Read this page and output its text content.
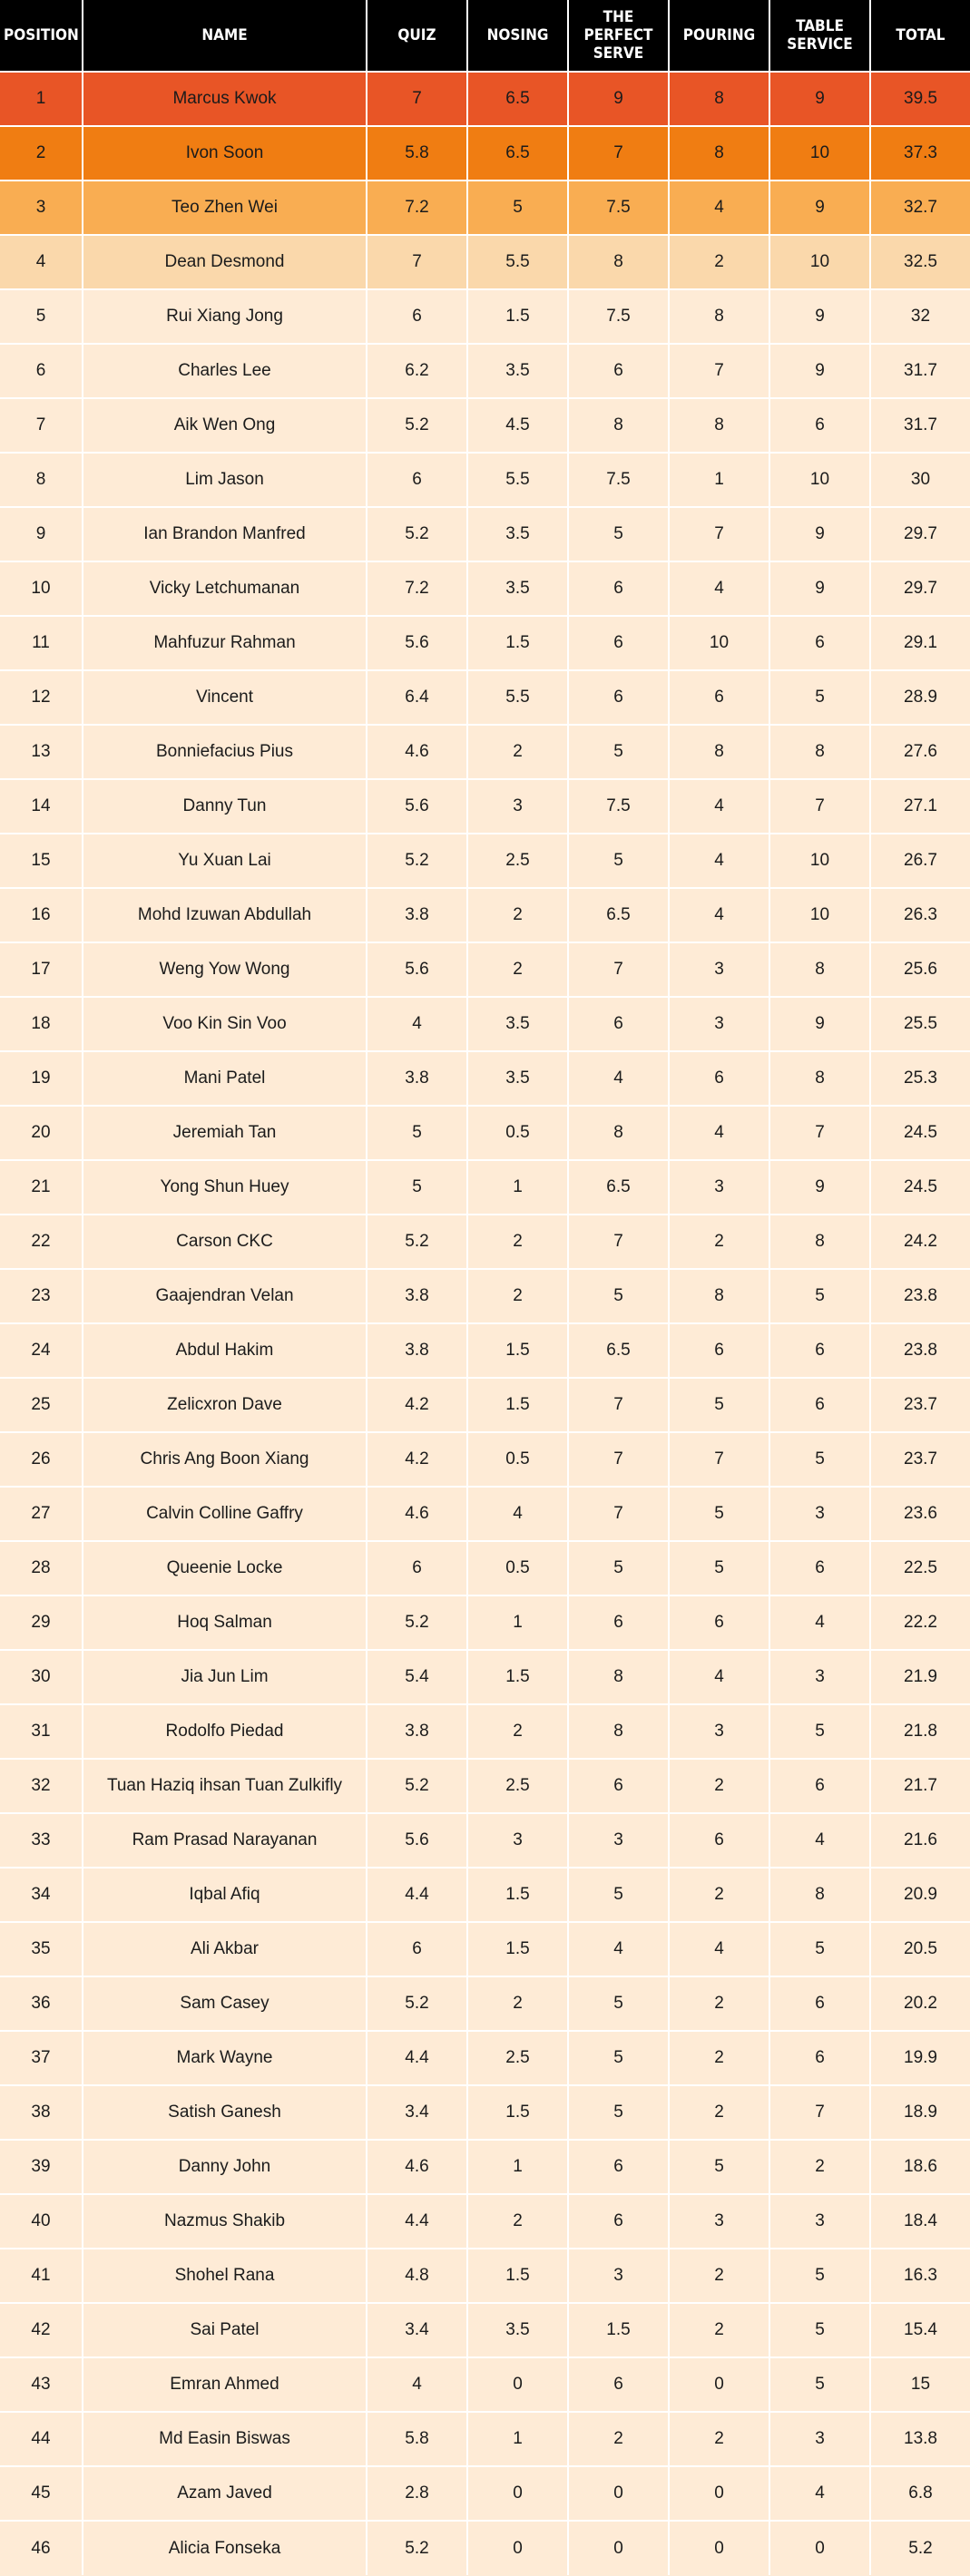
POSITION	NAME	QUIZ	NOSING	THE PERFECT SERVE	POURING	TABLE SERVICE	TOTAL
1	Marcus Kwok	7	6.5	9	8	9	39.5
2	Ivon Soon	5.8	6.5	7	8	10	37.3
3	Teo Zhen Wei	7.2	5	7.5	4	9	32.7
4	Dean Desmond	7	5.5	8	2	10	32.5
5	Rui Xiang Jong	6	1.5	7.5	8	9	32
6	Charles Lee	6.2	3.5	6	7	9	31.7
7	Aik Wen Ong	5.2	4.5	8	8	6	31.7
8	Lim Jason	6	5.5	7.5	1	10	30
9	Ian Brandon Manfred	5.2	3.5	5	7	9	29.7
10	Vicky Letchumanan	7.2	3.5	6	4	9	29.7
11	Mahfuzur Rahman	5.6	1.5	6	10	6	29.1
12	Vincent	6.4	5.5	6	6	5	28.9
13	Bonniefacius Pius	4.6	2	5	8	8	27.6
14	Danny Tun	5.6	3	7.5	4	7	27.1
15	Yu Xuan Lai	5.2	2.5	5	4	10	26.7
16	Mohd Izuwan Abdullah	3.8	2	6.5	4	10	26.3
17	Weng Yow Wong	5.6	2	7	3	8	25.6
18	Voo Kin Sin Voo	4	3.5	6	3	9	25.5
19	Mani Patel	3.8	3.5	4	6	8	25.3
20	Jeremiah Tan	5	0.5	8	4	7	24.5
21	Yong Shun Huey	5	1	6.5	3	9	24.5
22	Carson CKC	5.2	2	7	2	8	24.2
23	Gaajendran Velan	3.8	2	5	8	5	23.8
24	Abdul Hakim	3.8	1.5	6.5	6	6	23.8
25	Zelicxron Dave	4.2	1.5	7	5	6	23.7
26	Chris Ang Boon Xiang	4.2	0.5	7	7	5	23.7
27	Calvin Colline Gaffry	4.6	4	7	5	3	23.6
28	Queenie Locke	6	0.5	5	5	6	22.5
29	Hoq Salman	5.2	1	6	6	4	22.2
30	Jia Jun Lim	5.4	1.5	8	4	3	21.9
31	Rodolfo Piedad	3.8	2	8	3	5	21.8
32	Tuan Haziq ihsan Tuan Zulkifly	5.2	2.5	6	2	6	21.7
33	Ram Prasad Narayanan	5.6	3	3	6	4	21.6
34	Iqbal Afiq	4.4	1.5	5	2	8	20.9
35	Ali Akbar	6	1.5	4	4	5	20.5
36	Sam Casey	5.2	2	5	2	6	20.2
37	Mark Wayne	4.4	2.5	5	2	6	19.9
38	Satish Ganesh	3.4	1.5	5	2	7	18.9
39	Danny John	4.6	1	6	5	2	18.6
40	Nazmus Shakib	4.4	2	6	3	3	18.4
41	Shohel Rana	4.8	1.5	3	2	5	16.3
42	Sai Patel	3.4	3.5	1.5	2	5	15.4
43	Emran Ahmed	4	0	6	0	5	15
44	Md Easin Biswas	5.8	1	2	2	3	13.8
45	Azam Javed	2.8	0	0	0	4	6.8
46	Alicia Fonseka	5.2	0	0	0	0	5.2
